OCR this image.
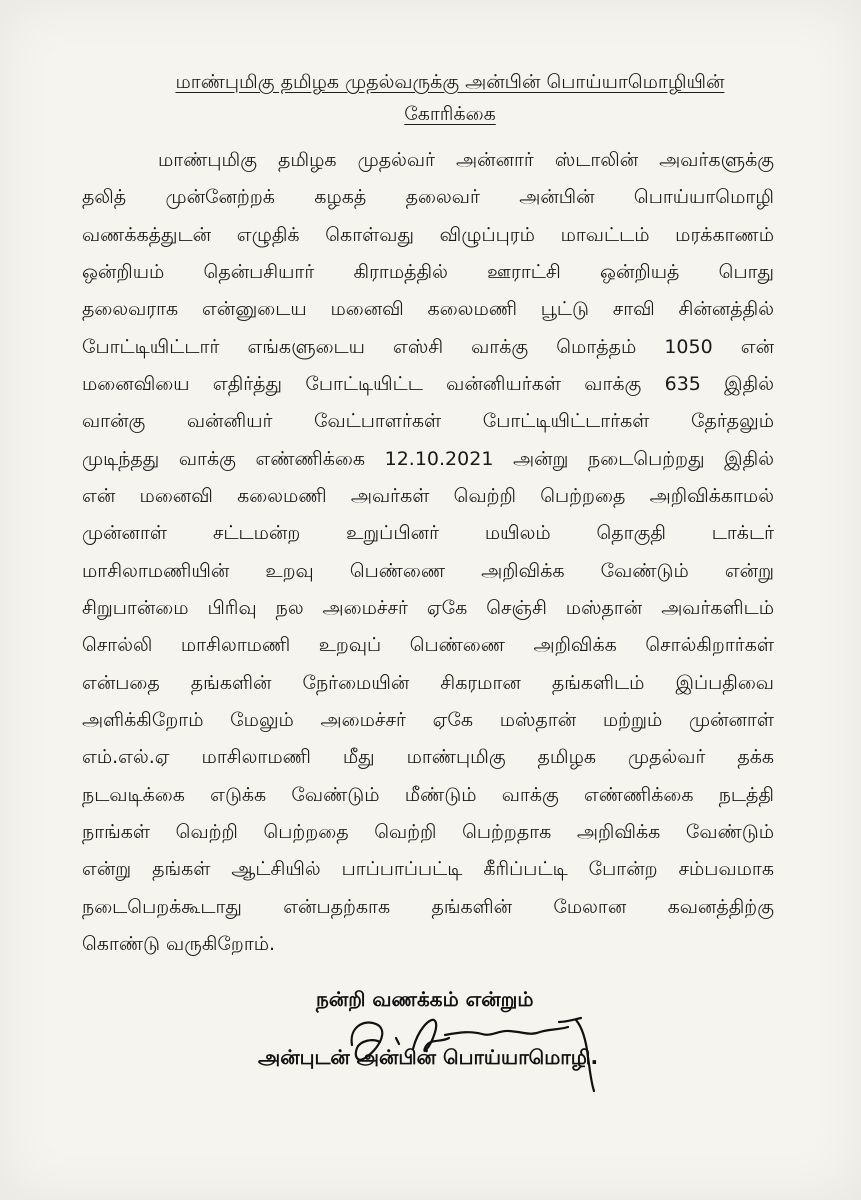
மாண்புமிகு தமிழக முதல்வருக்கு அன்பின் பொய்யாமொழியின்
கோரிக்கை
மாண்புமிகு தமிழக முதல்வர் அன்னார் ஸ்டாலின் அவர்களுக்கு
தலித் முன்னேற்றக் கழகத் தலைவர் அன்பின் பொய்யாமொழி
வணக்கத்துடன் எழுதிக் கொள்வது விழுப்புரம் மாவட்டம் மரக்காணம்
ஒன்றியம் தென்பசியார் கிராமத்தில் ஊராட்சி ஒன்றியத் பொது
தலைவராக என்னுடைய மனைவி கலைமணி பூட்டு சாவி சின்னத்தில்
போட்டியிட்டார் எங்களுடைய எஸ்சி வாக்கு மொத்தம் 1050 என்
மனைவியை எதிர்த்து போட்டியிட்ட வன்னியர்கள் வாக்கு 635 இதில்
வான்கு வன்னியர் வேட்பாளர்கள் போட்டியிட்டார்கள் தேர்தலும்
முடிந்தது வாக்கு எண்ணிக்கை 12.10.2021 அன்று நடைபெற்றது இதில்
என் மனைவி கலைமணி அவர்கள் வெற்றி பெற்றதை அறிவிக்காமல்
முன்னாள் சட்டமன்ற உறுப்பினர் மயிலம் தொகுதி டாக்டர்
மாசிலாமணியின் உறவு பெண்ணை அறிவிக்க வேண்டும் என்று
சிறுபான்மை பிரிவு நல அமைச்சர் ஏகே செஞ்சி மஸ்தான் அவர்களிடம்
சொல்லி மாசிலாமணி உறவுப் பெண்ணை அறிவிக்க சொல்கிறார்கள்
என்பதை தங்களின் நேர்மையின் சிகரமான தங்களிடம் இப்பதிவை
அளிக்கிறோம் மேலும் அமைச்சர் ஏகே மஸ்தான் மற்றும் முன்னாள்
எம்.எல்.ஏ மாசிலாமணி மீது மாண்புமிகு தமிழக முதல்வர் தக்க
நடவடிக்கை எடுக்க வேண்டும் மீண்டும் வாக்கு எண்ணிக்கை நடத்தி
நாங்கள் வெற்றி பெற்றதை வெற்றி பெற்றதாக அறிவிக்க வேண்டும்
என்று தங்கள் ஆட்சியில் பாப்பாப்பட்டி கீரிப்பட்டி போன்ற சம்பவமாக
நடைபெறக்கூடாது என்பதற்காக தங்களின் மேலான கவனத்திற்கு
கொண்டு வருகிறோம்.
நன்றி வணக்கம் என்றும்
அன்புடன் அன்பின் பொய்யாமொழி.
